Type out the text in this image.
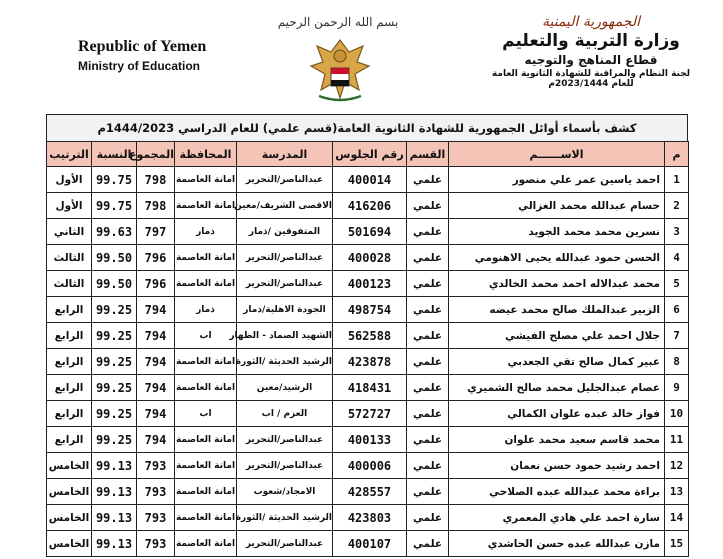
Republic of Yemen
Ministry of Education
بسم الله الرحمن الرحيم	الجمهورية اليمنية
وزارة التربية والتعليم
قطاع المناهج والتوجيه
لجنة النظام والمراقبة للشهادة الثانوية العامة
للعام 2023/1444م
كشف بأسماء أوائل الجمهورية للشهادة الثانوية العامة(قسم علمي) للعام الدراسي 1444/2023م
م	الاســــــم	القسم	رقم الجلوس	المدرسة	المحافظة	المجموع	النسبة	الترتيب
1	احمد ياسين عمر علي منصور	علمي	400014	عبدالناصر/التحرير	امانة العاصمة	798	99.75	الأول
2	حسام عبدالله محمد الغزالي	علمي	416206	الاقصى الشريف/معين	امانة العاصمة	798	99.75	الأول
3	نسرين محمد محمد الجويد	علمي	501694	المتفوقين /ذمار	ذمار	797	99.63	الثاني
4	الحسن حمود عبدالله يحيى الاهنومي	علمي	400028	عبدالناصر/التحرير	امانة العاصمة	796	99.50	الثالث
5	محمد عبدالاله احمد محمد الخالدي	علمي	400123	عبدالناصر/التحرير	امانة العاصمة	796	99.50	الثالث
6	الزبير عبدالملك صالح محمد عيضه	علمي	498754	الجودة الاهلية/ذمار	ذمار	794	99.25	الرابع
7	جلال احمد علي مصلح الفيشي	علمي	562588	الشهيد الصماد - الظهار	اب	794	99.25	الرابع
8	عبير كمال صالح تقي الجعدبي	علمي	423878	الرشيد الحديثة /الثورة	امانة العاصمة	794	99.25	الرابع
9	عصام عبدالجليل محمد صالح الشميري	علمي	418431	الرشيد/معين	امانة العاصمة	794	99.25	الرابع
10	فواز خالد عبده علوان الكمالي	علمي	572727	العزم / اب	اب	794	99.25	الرابع
11	محمد قاسم سعيد محمد علوان	علمي	400133	عبدالناصر/التحرير	امانة العاصمة	794	99.25	الرابع
12	احمد رشيد حمود حسن نعمان	علمي	400006	عبدالناصر/التحرير	امانة العاصمة	793	99.13	الخامس
13	براءة محمد عبدالله عبده الصلاحي	علمي	428557	الامجاد/شعوب	امانة العاصمة	793	99.13	الخامس
14	سارة احمد علي هادي المعمري	علمي	423803	الرشيد الحديثة /الثورة	امانة العاصمة	793	99.13	الخامس
15	مازن عبدالله عبده حسن الحاشدي	علمي	400107	عبدالناصر/التحرير	امانة العاصمة	793	99.13	الخامس
